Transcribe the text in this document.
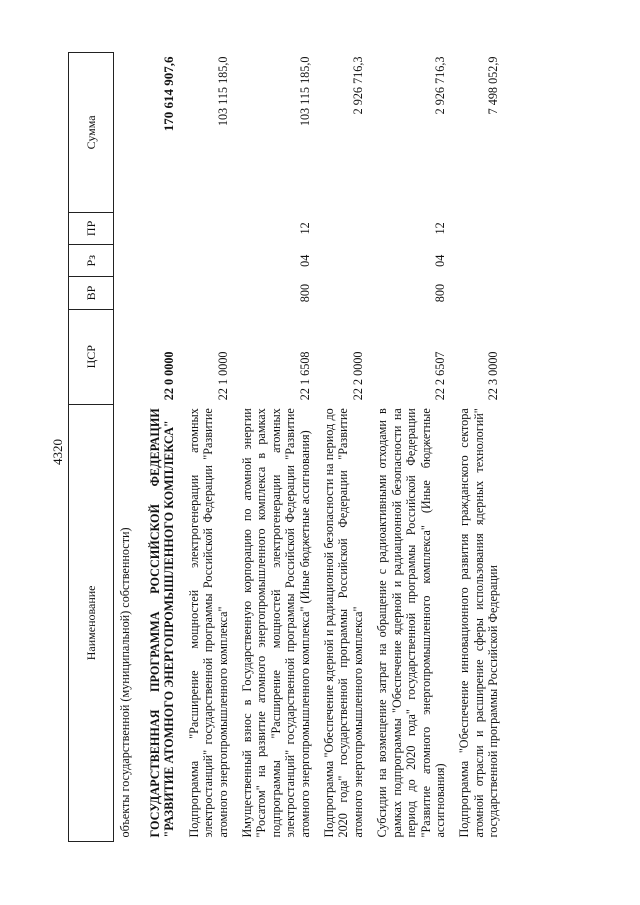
4320
Наименование	ЦСР	ВР	Рз	ПР	Сумма
объекты государственной (муниципальной) собственности)					
ГОСУДАРСТВЕННАЯ ПРОГРАММА РОССИЙСКОЙ ФЕДЕРАЦИИ "РАЗВИТИЕ АТОМНОГО ЭНЕРГОПРОМЫШЛЕННОГО КОМПЛЕКСА"	22 0 0000				170 614 907,6
Подпрограмма "Расширение мощностей электрогенерации атомных электростанций" государственной программы Российской Федерации "Развитие атомного энергопромышленного комплекса"	22 1 0000				103 115 185,0
Имущественный взнос в Государственную корпорацию по атомной энергии "Росатом" на развитие атомного энергопромышленного комплекса в рамках подпрограммы "Расширение мощностей электрогенерации атомных электростанций" государственной программы Российской Федерации "Развитие атомного энергопромышленного комплекса" (Иные бюджетные ассигнования)	22 1 6508	800	04	12	103 115 185,0
Подпрограмма "Обеспечение ядерной и радиационной безопасности на период до 2020 года" государственной программы Российской Федерации "Развитие атомного энергопромышленного комплекса"	22 2 0000				2 926 716,3
Субсидии на возмещение затрат на обращение с радиоактивными отходами в рамках подпрограммы "Обеспечение ядерной и радиационной безопасности на период до 2020 года" государственной программы Российской Федерации "Развитие атомного энергопромышленного комплекса" (Иные бюджетные ассигнования)	22 2 6507	800	04	12	2 926 716,3
Подпрограмма "Обеспечение инновационного развития гражданского сектора атомной отрасли и расширение сферы использования ядерных технологий" государственной программы Российской Федерации	22 3 0000				7 498 052,9
